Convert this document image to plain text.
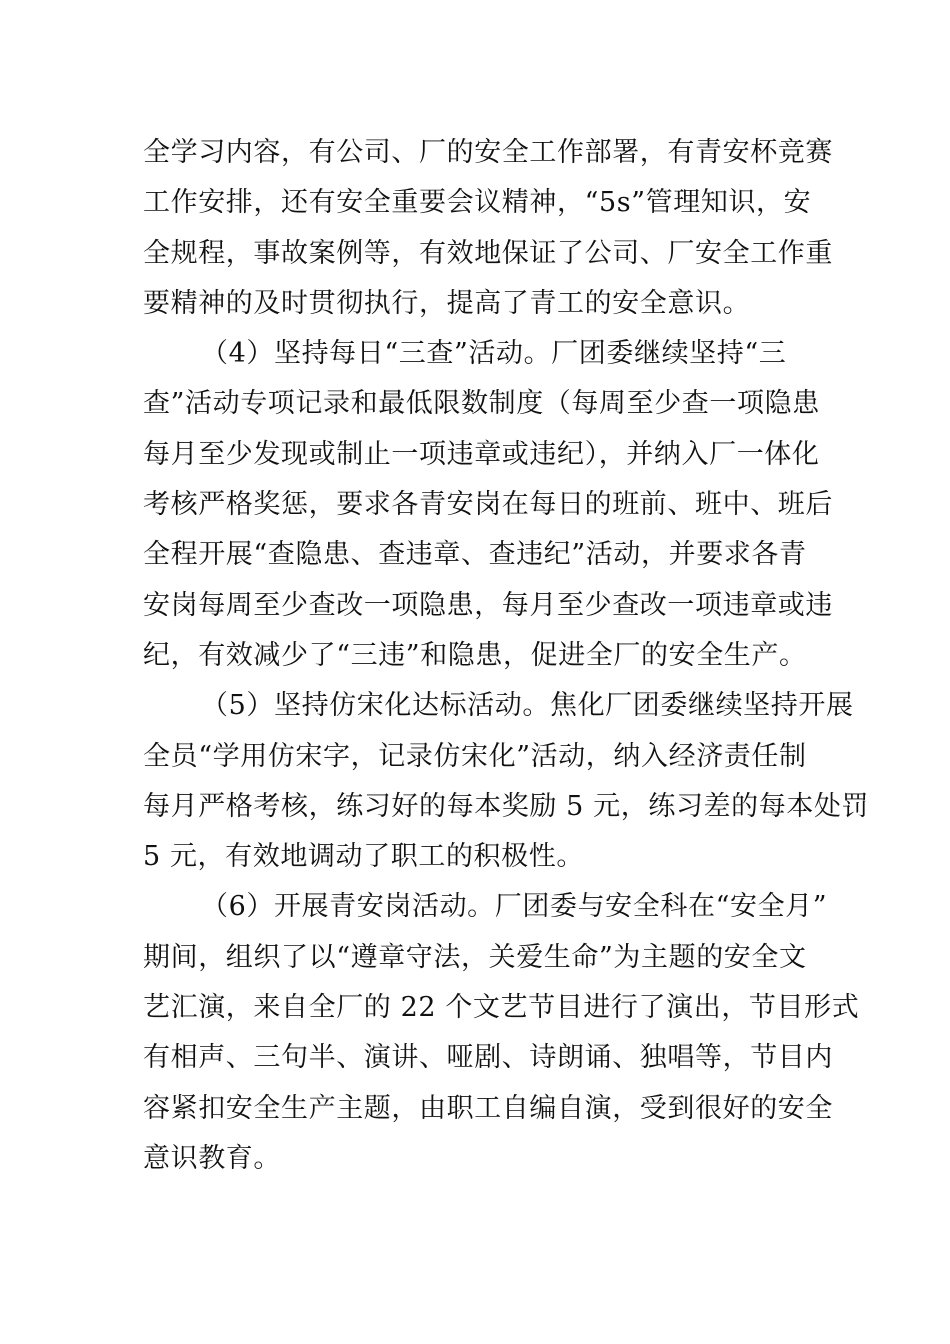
全学习内容，有公司、厂的安全工作部署，有青安杯竞赛
工作安排，还有安全重要会议精神，“5s”管理知识，安
全规程，事故案例等，有效地保证了公司、厂安全工作重
要精神的及时贯彻执行，提高了青工的安全意识。
（4）坚持每日“三查”活动。厂团委继续坚持“三
查”活动专项记录和最低限数制度（每周至少查一项隐患
每月至少发现或制止一项违章或违纪），并纳入厂一体化
考核严格奖惩，要求各青安岗在每日的班前、班中、班后
全程开展“查隐患、查违章、查违纪”活动，并要求各青
安岗每周至少查改一项隐患，每月至少查改一项违章或违
纪，有效减少了“三违”和隐患，促进全厂的安全生产。
（5）坚持仿宋化达标活动。焦化厂团委继续坚持开展
全员“学用仿宋字，记录仿宋化”活动，纳入经济责任制
每月严格考核，练习好的每本奖励 5 元，练习差的每本处罚
5 元，有效地调动了职工的积极性。
（6）开展青安岗活动。厂团委与安全科在“安全月”
期间，组织了以“遵章守法，关爱生命”为主题的安全文
艺汇演，来自全厂的 22 个文艺节目进行了演出，节目形式
有相声、三句半、演讲、哑剧、诗朗诵、独唱等，节目内
容紧扣安全生产主题，由职工自编自演，受到很好的安全
意识教育。
